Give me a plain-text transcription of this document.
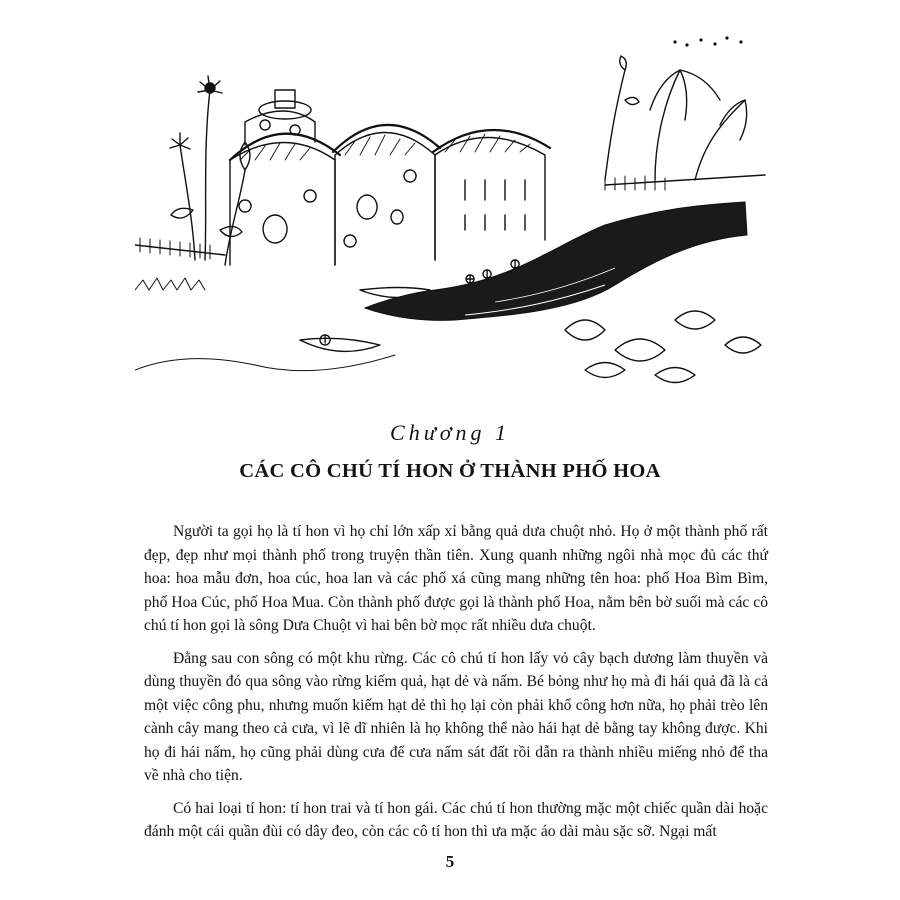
Chương 1
CÁC CÔ CHÚ TÍ HON Ở THÀNH PHỐ HOA

Người ta gọi họ là tí hon vì họ chỉ lớn xấp xỉ bằng quả dưa chuột nhỏ. Họ ở một thành phố rất đẹp, đẹp như mọi thành phố trong truyện thần tiên. Xung quanh những ngôi nhà mọc đủ các thứ hoa: hoa mẫu đơn, hoa cúc, hoa lan và các phố xá cũng mang những tên hoa: phố Hoa Bìm Bìm, phố Hoa Cúc, phố Hoa Mua. Còn thành phố được gọi là thành phố Hoa, nằm bên bờ suối mà các cô chú tí hon gọi là sông Dưa Chuột vì hai bên bờ mọc rất nhiều dưa chuột.

Đằng sau con sông có một khu rừng. Các cô chú tí hon lấy vỏ cây bạch dương làm thuyền và dùng thuyền đó qua sông vào rừng kiếm quả, hạt dẻ và nấm. Bé bỏng như họ mà đi hái quả đã là cả một việc công phu, nhưng muốn kiếm hạt dẻ thì họ lại còn phải khổ công hơn nữa, họ phải trèo lên cành cây mang theo cả cưa, vì lẽ dĩ nhiên là họ không thể nào hái hạt dẻ bằng tay không được. Khi họ đi hái nấm, họ cũng phải dùng cưa để cưa nấm sát đất rồi dẫn ra thành nhiều miếng nhỏ để tha về nhà cho tiện.

Có hai loại tí hon: tí hon trai và tí hon gái. Các chú tí hon thường mặc một chiếc quần dài hoặc đánh một cái quần đùi có dây đeo, còn các cô tí hon thì ưa mặc áo dài màu sặc sỡ. Ngại mất

5
